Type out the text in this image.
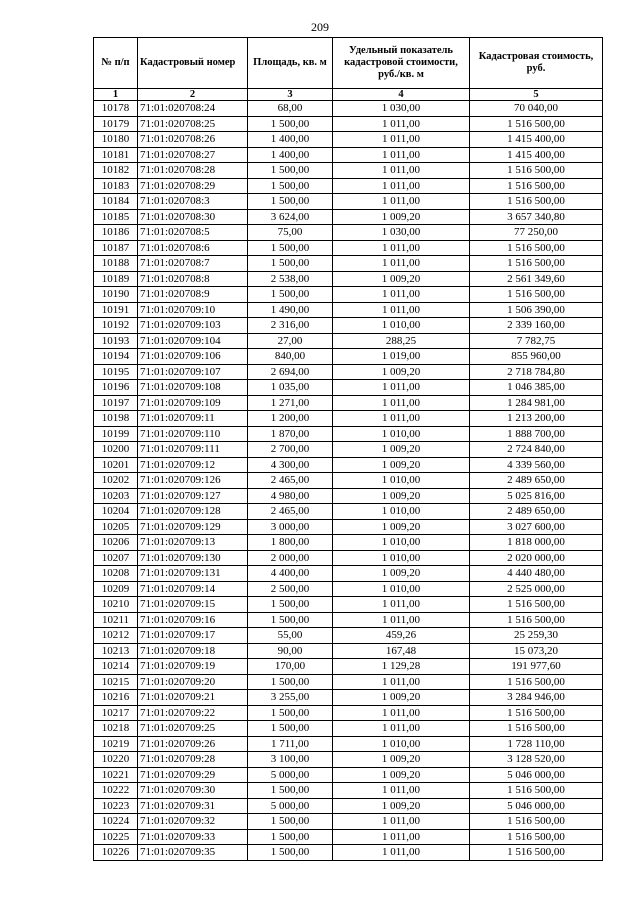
209
№ п/п	Кадастровый номер	Площадь, кв. м	Удельный показатель кадастровой стоимости, руб./кв. м	Кадастровая стоимость, руб.
1	2	3	4	5
10178	71:01:020708:24	68,00	1 030,00	70 040,00
10179	71:01:020708:25	1 500,00	1 011,00	1 516 500,00
10180	71:01:020708:26	1 400,00	1 011,00	1 415 400,00
10181	71:01:020708:27	1 400,00	1 011,00	1 415 400,00
10182	71:01:020708:28	1 500,00	1 011,00	1 516 500,00
10183	71:01:020708:29	1 500,00	1 011,00	1 516 500,00
10184	71:01:020708:3	1 500,00	1 011,00	1 516 500,00
10185	71:01:020708:30	3 624,00	1 009,20	3 657 340,80
10186	71:01:020708:5	75,00	1 030,00	77 250,00
10187	71:01:020708:6	1 500,00	1 011,00	1 516 500,00
10188	71:01:020708:7	1 500,00	1 011,00	1 516 500,00
10189	71:01:020708:8	2 538,00	1 009,20	2 561 349,60
10190	71:01:020708:9	1 500,00	1 011,00	1 516 500,00
10191	71:01:020709:10	1 490,00	1 011,00	1 506 390,00
10192	71:01:020709:103	2 316,00	1 010,00	2 339 160,00
10193	71:01:020709:104	27,00	288,25	7 782,75
10194	71:01:020709:106	840,00	1 019,00	855 960,00
10195	71:01:020709:107	2 694,00	1 009,20	2 718 784,80
10196	71:01:020709:108	1 035,00	1 011,00	1 046 385,00
10197	71:01:020709:109	1 271,00	1 011,00	1 284 981,00
10198	71:01:020709:11	1 200,00	1 011,00	1 213 200,00
10199	71:01:020709:110	1 870,00	1 010,00	1 888 700,00
10200	71:01:020709:111	2 700,00	1 009,20	2 724 840,00
10201	71:01:020709:12	4 300,00	1 009,20	4 339 560,00
10202	71:01:020709:126	2 465,00	1 010,00	2 489 650,00
10203	71:01:020709:127	4 980,00	1 009,20	5 025 816,00
10204	71:01:020709:128	2 465,00	1 010,00	2 489 650,00
10205	71:01:020709:129	3 000,00	1 009,20	3 027 600,00
10206	71:01:020709:13	1 800,00	1 010,00	1 818 000,00
10207	71:01:020709:130	2 000,00	1 010,00	2 020 000,00
10208	71:01:020709:131	4 400,00	1 009,20	4 440 480,00
10209	71:01:020709:14	2 500,00	1 010,00	2 525 000,00
10210	71:01:020709:15	1 500,00	1 011,00	1 516 500,00
10211	71:01:020709:16	1 500,00	1 011,00	1 516 500,00
10212	71:01:020709:17	55,00	459,26	25 259,30
10213	71:01:020709:18	90,00	167,48	15 073,20
10214	71:01:020709:19	170,00	1 129,28	191 977,60
10215	71:01:020709:20	1 500,00	1 011,00	1 516 500,00
10216	71:01:020709:21	3 255,00	1 009,20	3 284 946,00
10217	71:01:020709:22	1 500,00	1 011,00	1 516 500,00
10218	71:01:020709:25	1 500,00	1 011,00	1 516 500,00
10219	71:01:020709:26	1 711,00	1 010,00	1 728 110,00
10220	71:01:020709:28	3 100,00	1 009,20	3 128 520,00
10221	71:01:020709:29	5 000,00	1 009,20	5 046 000,00
10222	71:01:020709:30	1 500,00	1 011,00	1 516 500,00
10223	71:01:020709:31	5 000,00	1 009,20	5 046 000,00
10224	71:01:020709:32	1 500,00	1 011,00	1 516 500,00
10225	71:01:020709:33	1 500,00	1 011,00	1 516 500,00
10226	71:01:020709:35	1 500,00	1 011,00	1 516 500,00
